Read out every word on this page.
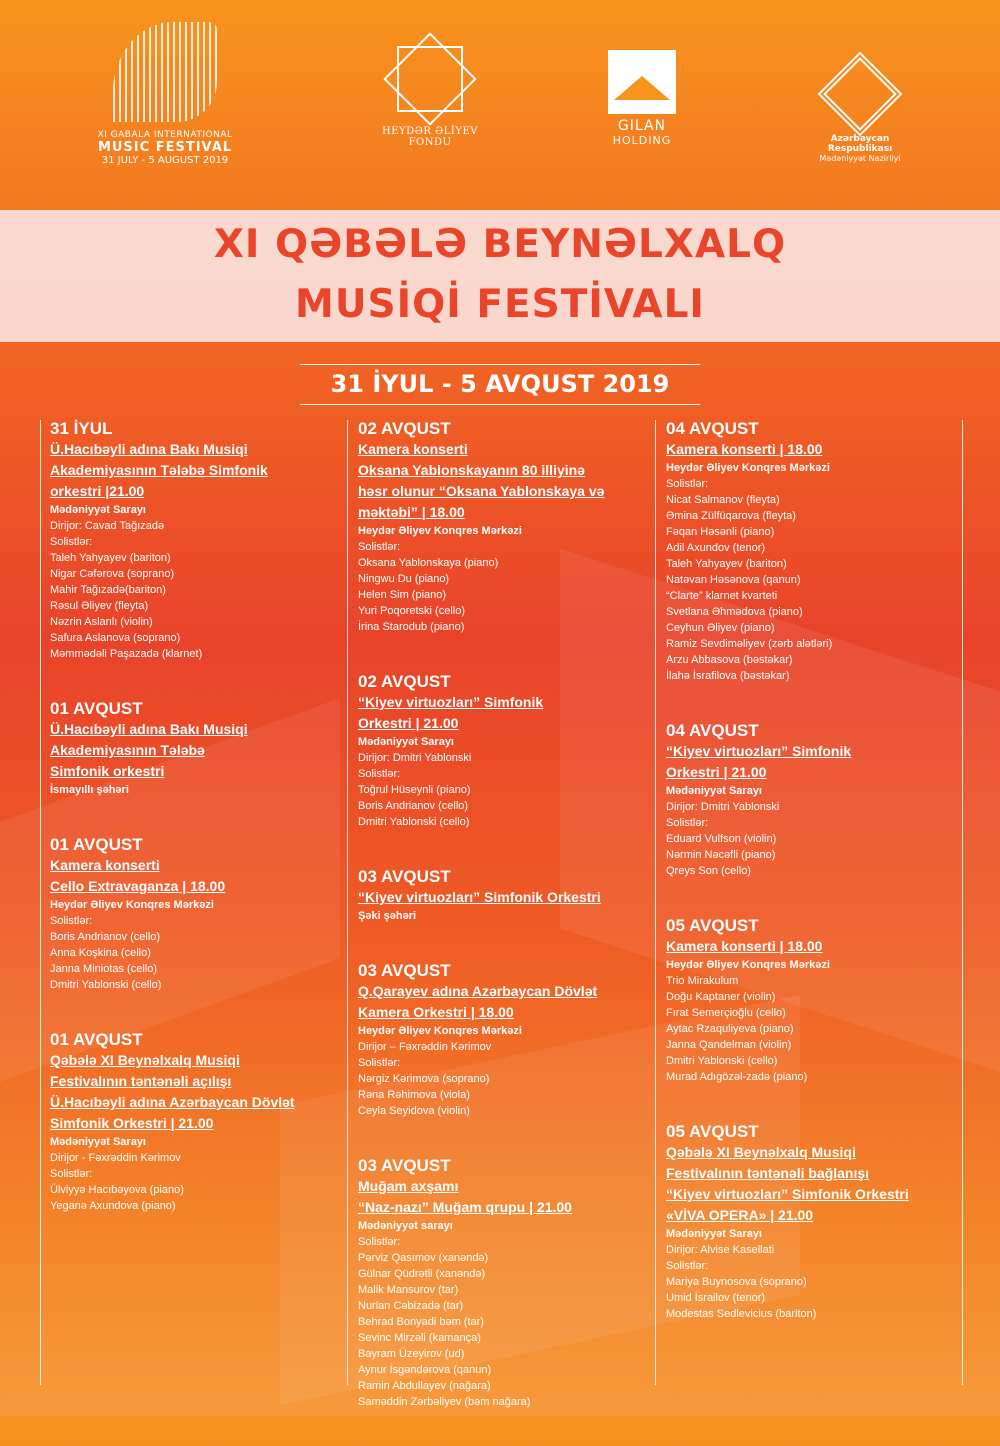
XI GABALA INTERNATIONAL
MUSIC FESTIVAL
31 JULY - 5 AUGUST 2019
HEYDƏR ƏLİYEV
FONDU
GILAN
HOLDING	Azərbaycan Respublikası
Mədəniyyət Nazirliyi
XI QƏBƏLƏ BEYNƏLXALQ
MUSİQİ FESTİVALI
31 İYUL - 5 AVQUST 2019
31 İYUL
Ü.Hacıbəyli adına Bakı Musiqi
Akademiyasının Tələbə Simfonik
orkestri |21.00
Mədəniyyət Sarayı
Dirijor: Cavad Tağızadə
Solistlər:
Taleh Yahyayev (bariton)
Nigar Cəfərova (soprano)
Mahir Tağızadə(bariton)
Rəsul Əliyev (fleyta)
Nəzrin Aslanlı (violin)
Safura Aslanova (soprano)
Məmmədəli Paşazadə (klarnet)
01 AVQUST
Ü.Hacıbəyli adına Bakı Musiqi
Akademiyasının Tələbə
Simfonik orkestri
İsmayıllı şəhəri
01 AVQUST
Kamera konserti
Cello Extravaganza | 18.00
Heydər Əliyev Konqres Mərkəzi
Solistlər:
Boris Andrianov (cello)
Anna Koşkina (cello)
Janna Miniotas (cello)
Dmitri Yablonski (cello)
01 AVQUST
Qəbələ XI Beynəlxalq Musiqi
Festivalının təntənəli açılışı
Ü.Hacıbəyli adına Azərbaycan Dövlət
Simfonik Orkestri | 21.00
Mədəniyyət Sarayı
Dirijor - Fəxrəddin Kərimov
Solistlər:
Ülviyyə Hacıbəyova (piano)
Yeganə Axundova (piano)
02 AVQUST
Kamera konserti
Oksana Yablonskayanın 80 illiyinə
həsr olunur “Oksana Yablonskaya və
məktəbi” | 18.00
Heydər Əliyev Konqres Mərkəzi
Solistlər:
Oksana Yablonskaya (piano)
Ningwu Du (piano)
Helen Sim (piano)
Yuri Poqoretski (cello)
İrina Starodub (piano)
02 AVQUST
“Kiyev virtuozları” Simfonik
Orkestri | 21.00
Mədəniyyət Sarayı
Dirijor: Dmitri Yablonski
Solistlər:
Toğrul Hüseynli (piano)
Boris Andrianov (cello)
Dmitri Yablonski (cello)
03 AVQUST
“Kiyev virtuozları” Simfonik Orkestri
Şəki şəhəri
03 AVQUST
Q.Qarayev adına Azərbaycan Dövlət
Kamera Orkestri | 18.00
Heydər Əliyev Konqres Mərkəzi
Dirijor – Fəxrəddin Kərimov
Solistlər:
Nərgiz Kərimova (soprano)
Rəna Rəhimova (viola)
Ceyla Seyidova (violin)
03 AVQUST
Muğam axşamı
“Naz-nazı” Muğam qrupu | 21.00
Mədəniyyət sarayı
Solistlər:
Pərviz Qasımov (xanəndə)
Gülnar Qüdrətli (xanəndə)
Malik Mansurov (tar)
Nurlan Cəbizadə (tar)
Behrad Bonyadi bəm (tar)
Sevinc Mirzəli (kamança)
Bayram Üzeyirov (ud)
Aynur İsgəndərova (qanun)
Ramin Abdullayev (nağara)
Saməddin Zərbəliyev (bəm nağara)
04 AVQUST
Kamera konserti | 18.00
Heydər Əliyev Konqres Mərkəzi
Solistlər:
Nicat Salmanov (fleyta)
Əmina Zülfüqarova (fleyta)
Fəqan Həsənli (piano)
Adil Axundov (tenor)
Taleh Yahyayev (bariton)
Natəvan Həsənova (qanun)
“Clarte” klarnet kvarteti
Svetlana Əhmədova (piano)
Ceyhun Əliyev (piano)
Ramiz Sevdiməliyev (zərb alətləri)
Arzu Abbasova (bəstəkar)
İlahə İsrafilova (bəstəkar)
04 AVQUST
“Kiyev virtuozları” Simfonik
Orkestri | 21.00
Mədəniyyət Sarayı
Dirijor: Dmitri Yablonski
Solistlər:
Eduard Vulfson (violin)
Nərmin Nəcəfli (piano)
Qreys Son (cello)
05 AVQUST
Kamera konserti | 18.00
Heydər Əliyev Konqres Mərkəzi
Trio Mirakulum
Doğu Kaptaner (violin)
Fırat Semerçioğlu (cello)
Aytac Rzaquliyeva (piano)
Janna Qandelman (violin)
Dmitri Yablonski (cello)
Murad Adıgözəl-zadə (piano)
05 AVQUST
Qəbələ XI Beynəlxalq Musiqi
Festivalının təntənəli bağlanışı
“Kiyev virtuozları” Simfonik Orkestri
«VİVA OPERA» | 21.00
Mədəniyyət Sarayı
Dirijor: Alvise Kasellati
Solistlər:
Mariya Buynosova (soprano)
Umid İsrailov (tenor)
Modestas Sedlevicius (bariton)
